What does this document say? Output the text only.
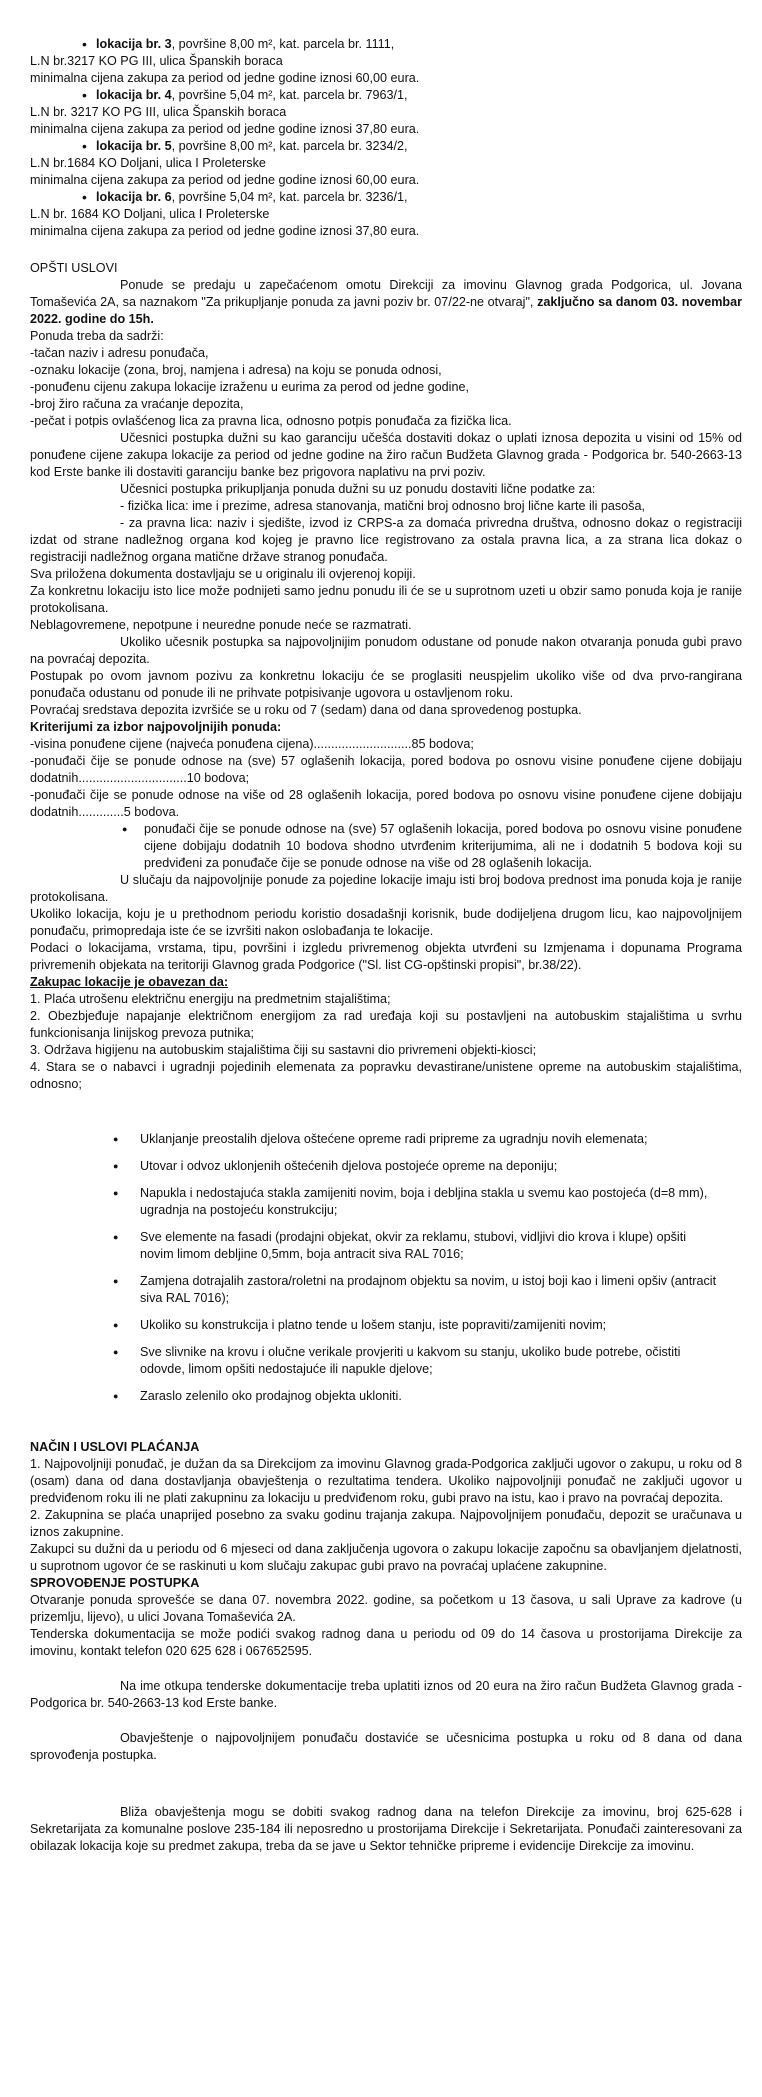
• lokacija br. 3, površine 8,00 m², kat. parcela br. 1111,

L.N br.3217 KO PG III, ulica Španskih boraca

minimalna cijena zakupa za period od jedne godine iznosi 60,00 eura.

• lokacija br. 4, površine 5,04 m², kat. parcela br. 7963/1,

L.N br. 3217 KO PG III, ulica Španskih boraca

minimalna cijena zakupa za period od jedne godine iznosi 37,80 eura.

• lokacija br. 5, površine 8,00 m², kat. parcela br. 3234/2,

L.N br.1684 KO Doljani, ulica I Proleterske

minimalna cijena zakupa za period od jedne godine iznosi 60,00 eura.

• lokacija br. 6, površine 5,04 m², kat. parcela br. 3236/1,

L.N br. 1684 KO Doljani, ulica I Proleterske

minimalna cijena zakupa za period od jedne godine iznosi 37,80 eura.

OPŠTI USLOVI

Ponude se predaju u zapečaćenom omotu Direkciji za imovinu Glavnog grada Podgorica, ul. Jovana Tomaševića 2A, sa naznakom "Za prikupljanje ponuda za javni poziv br. 07/22-ne otvaraj", zaključno sa danom 03. novembar 2022. godine do 15h.

Ponuda treba da sadrži:

-tačan naziv i adresu ponuđača,

-oznaku lokacije (zona, broj, namjena i adresa) na koju se ponuda odnosi,

-ponuđenu cijenu zakupa lokacije izraženu u eurima za perod od jedne godine,

-broj žiro računa za vraćanje depozita,

-pečat i potpis ovlašćenog lica za pravna lica, odnosno potpis ponuđača za fizička lica.

Učesnici postupka dužni su kao garanciju učešća dostaviti dokaz o uplati iznosa depozita u visini od 15% od ponuđene cijene zakupa lokacije za period od jedne godine na žiro račun Budžeta Glavnog grada - Podgorica br. 540-2663-13 kod Erste banke ili dostaviti garanciju banke bez prigovora naplativu na prvi poziv.

Učesnici postupka prikupljanja ponuda dužni su uz ponudu dostaviti lične podatke za:

- fizička lica: ime i prezime, adresa stanovanja, matični broj odnosno broj lične karte ili pasoša,

- za pravna lica: naziv i sjedište, izvod iz CRPS-a za domaća privredna društva, odnosno dokaz o registraciji izdat od strane nadležnog organa kod kojeg je pravno lice registrovano za ostala pravna lica, a za strana lica dokaz o registraciji nadležnog organa matične države stranog ponuđača.

Sva priložena dokumenta dostavljaju se u originalu ili ovjerenoj kopiji.

Za konkretnu lokaciju isto lice može podnijeti samo jednu ponudu ili će se u suprotnom uzeti u obzir samo ponuda koja je ranije protokolisana.

Neblagovremene, nepotpune i neuredne ponude neće se razmatrati.

Ukoliko učesnik postupka sa najpovoljnijim ponudom odustane od ponude nakon otvaranja ponuda gubi pravo na povraćaj depozita.

Postupak po ovom javnom pozivu za konkretnu lokaciju će se proglasiti neuspjelim ukoliko više od dva prvo-rangirana ponuđača odustanu od ponude ili ne prihvate potpisivanje ugovora u ostavljenom roku.

Povraćaj sredstava depozita izvršiće se u roku od 7 (sedam) dana od dana sprovedenog postupka.

Kriterijumi za izbor najpovoljnijih ponuda:

-visina ponuđene cijene (najveća ponuđena cijena)............................85 bodova;

-ponuđači čije se ponude odnose na (sve) 57 oglašenih lokacija, pored bodova po osnovu visine ponuđene cijene dobijaju dodatnih...............................10 bodova;

-ponuđači čije se ponude odnose na više od 28 oglašenih lokacija, pored bodova po osnovu visine ponuđene cijene dobijaju dodatnih.............5 bodova.

● ponuđači čije se ponude odnose na (sve) 57 oglašenih lokacija, pored bodova po osnovu visine ponuđene cijene dobijaju dodatnih 10 bodova shodno utvrđenim kriterijumima, ali ne i dodatnih 5 bodova koji su predviđeni za ponuđače čije se ponude odnose na više od 28 oglašenih lokacija.

U slučaju da najpovoljnije ponude za pojedine lokacije imaju isti broj bodova prednost ima ponuda koja je ranije protokolisana.

Ukoliko lokacija, koju je u prethodnom periodu koristio dosadašnji korisnik, bude dodijeljena drugom licu, kao najpovoljnijem ponuđaču, primopredaja iste će se izvršiti nakon oslobađanja te lokacije.

Podaci o lokacijama, vrstama, tipu, površini i izgledu privremenog objekta utvrđeni su Izmjenama i dopunama Programa privremenih objekata na teritoriji Glavnog grada Podgorice ("Sl. list CG-opštinski propisi", br.38/22).

Zakupac lokacije je obavezan da:

1. Plaća utrošenu električnu energiju na predmetnim stajalištima;

2. Obezbjeđuje napajanje električnom energijom za rad uređaja koji su postavljeni na autobuskim stajalištima u svrhu funkcionisanja linijskog prevoza putnika;

3. Održava higijenu na autobuskim stajalištima čiji su sastavni dio privremeni objekti-kiosci;

4. Stara se o nabavci i ugradnji pojedinih elemenata za popravku devastirane/unistene opreme na autobuskim stajalištima, odnosno;

● Uklanjanje preostalih djelova oštećene opreme radi pripreme za ugradnju novih elemenata;
● Utovar i odvoz uklonjenih oštećenih djelova postojeće opreme na deponiju;
● Napukla i nedostajuća stakla zamijeniti novim, boja i debljina stakla u svemu kao postojeća (d=8 mm), ugradnja na postojeću konstrukciju;
● Sve elemente na fasadi (prodajni objekat, okvir za reklamu, stubovi, vidljivi dio krova i klupe) opšiti novim limom debljine 0,5mm, boja antracit siva RAL 7016;
● Zamjena dotrajalih zastora/roletni na prodajnom objektu sa novim, u istoj boji kao i limeni opšiv (antracit siva RAL 7016);
● Ukoliko su konstrukcija i platno tende u lošem stanju, iste popraviti/zamijeniti novim;
● Sve slivnike na krovu i olučne verikale provjeriti u kakvom su stanju, ukoliko bude potrebe, očistiti odovde, limom opšiti nedostajuće ili napukle djelove;
● Zaraslo zelenilo oko prodajnog objekta ukloniti.

NAČIN I USLOVI PLAĆANJA

1. Najpovoljniji ponuđač, je dužan da sa Direkcijom za imovinu Glavnog grada-Podgorica zaključi ugovor o zakupu, u roku od 8 (osam) dana od dana dostavljanja obavještenja o rezultatima tendera. Ukoliko najpovoljniji ponuđač ne zaključi ugovor u predviđenom roku ili ne plati zakupninu za lokaciju u predviđenom roku, gubi pravo na istu, kao i pravo na povraćaj depozita.

2. Zakupnina se plaća unaprijed posebno za svaku godinu trajanja zakupa. Najpovoljnijem ponuđaču, depozit se uračunava u iznos zakupnine.

Zakupci su dužni da u periodu od 6 mjeseci od dana zaključenja ugovora o zakupu lokacije započnu sa obavljanjem djelatnosti, u suprotnom ugovor će se raskinuti u kom slučaju zakupac gubi pravo na povraćaj uplaćene zakupnine.

SPROVOĐENJE POSTUPKA

Otvaranje ponuda sprovešće se dana 07. novembra 2022. godine, sa početkom u 13 časova, u sali Uprave za kadrove (u prizemlju, lijevo), u ulici Jovana Tomaševića 2A.

Tenderska dokumentacija se može podići svakog radnog dana u periodu od 09 do 14 časova u prostorijama Direkcije za imovinu, kontakt telefon 020 625 628 i 067652595.

Na ime otkupa tenderske dokumentacije treba uplatiti iznos od 20 eura na žiro račun Budžeta Glavnog grada - Podgorica br. 540-2663-13 kod Erste banke.

Obavještenje o najpovoljnijem ponuđaču dostaviće se učesnicima postupka u roku od 8 dana od dana sprovođenja postupka.

Bliža obavještenja mogu se dobiti svakog radnog dana na telefon Direkcije za imovinu, broj 625-628 i Sekretarijata za komunalne poslove 235-184 ili neposredno u prostorijama Direkcije i Sekretarijata. Ponuđači zainteresovani za obilazak lokacija koje su predmet zakupa, treba da se jave u Sektor tehničke pripreme i evidencije Direkcije za imovinu.
